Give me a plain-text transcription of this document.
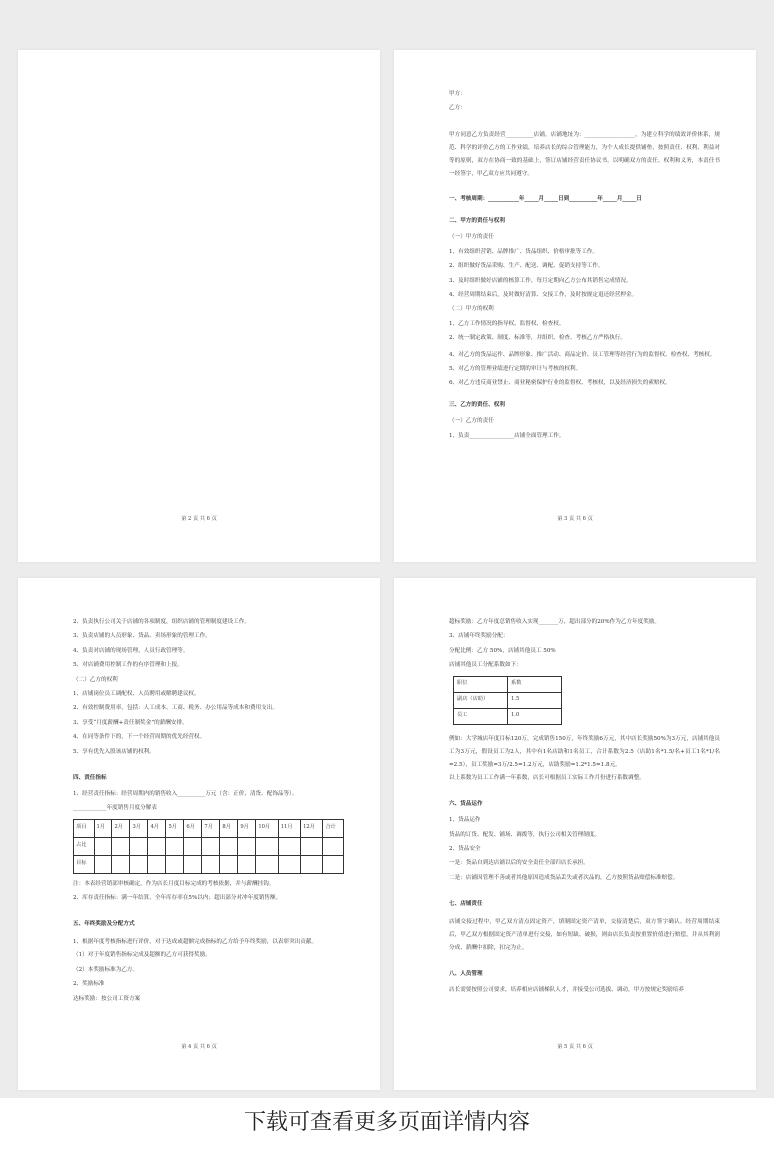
第 2 页 共 6 页
甲方：
乙方：
甲方同意乙方负责经营__________店铺，店铺地址为：__________________，为建立科学的绩效评价体系，规范、科学的评价乙方的工作业绩，培养店长的综合管理能力，为个人成长提供铺垫，按照责任、权利、利益对等的原则，双方在协商一致的基础上，签订店铺经营责任协议书，以明确双方的责任、权利和义务，本责任书一经签字，甲乙双方应共同遵守。
一、考核周期：___________年_____月_____日到__________年_____月_____日
二、甲方的责任与权利
（一）甲方的责任
1、有效组织营销、品牌推广、货品组织、价格审批等工作。
2、组织做好货品采购、生产、配送、调配、促销支持等工作。
3、及时组织做好店铺的核算工作，每月定期向乙方公布其销售完成情况。
4、经营周期结束后，及时做好清算、交接工作，及时按规定退还经营押金。
（二）甲方的权利
1、乙方工作情况的指导权、监督权、检查权。
2、统一制定政策、制度、标准等，并组织、检查、考核乙方严格执行。
4、对乙方的货品运作、品牌形象、推广活动、商品定价、员工管理等经营行为的监督权、检查权、考核权。
5、对乙方的管理业绩进行定期的审计与考核的权利。
6、对乙方违反商业禁止、商业秘密保护行业的监督权、考核权，以及经济损失的索赔权。
三、乙方的责任、权利
（一）乙方的责任
1、负责________________店铺全面管理工作。
第 3 页 共 6 页
2、负责执行公司关于店铺的各项制度，组织店铺的管理制度建设工作。
3、负责店铺的人员形象、货品、卖场形象的管理工作。
4、负责对店铺的现场管理，人员行政管理等。
5、对店铺费用控制工作的有序管理和上报。
（二）乙方的权利
1、店铺岗位员工调配权、人员聘用或解聘建议权。
2、有效控制费用率，包括：人工成本、工商、税务、办公用品等成本和费用支出。
3、享受“月度薪酬+责任制奖金”的薪酬安排。
4、在同等条件下的，下一个经营周期的优先经营权。
5、享有优先入股该店铺的权利。
四、责任指标
1、经营责任指标：经营周期内的销售收入__________万元（含：正价、清货、配饰品等）。
____________年度销售月度分解表
项目	1月	2月	3月	4月	5月	6月	7月	8月	9月	10月	11月	12月	合计
占比													
目标													
注：本表经营销部审核确定，作为店长月度目标完成的考核依据，并与薪酬挂钩。
2、库存责任指标：满一年结算，全年库存率在5%以内；超出部分对冲年度销售额。
五、年终奖励及分配方式
1、根据年度考核指标进行评价，对于达成或超额完成指标的乙方给予年终奖励，以表彰突出贡献。
（1）对于年度销售指标完成及超额的乙方可获得奖励。
（2）本奖励标准为乙方。
2、奖励标准
达标奖励：按公司工资方案
第 4 页 共 6 页
超标奖励：乙方年度总销售收入实现_______万，超出部分的20%作为乙方年度奖励。
3、店铺年终奖励分配：
分配比例：乙方 50%，店铺其他员工 50%
店铺其他员工分配系数如下：
职位	系数
副店（店助）	1.5
员工	1.0
例如：大学城店年度目标120万，完成销售150万，年终奖励6万元，其中店长奖励50%为3万元，店铺其他员工为3万元，假设员工为2人，其中有1名店助和1名员工，合计系数为2.5（店助1名*1.5/名+员工1名*1/名=2.5），员工奖励=3万/2.5=1.2万元，店助奖励=1.2*1.5=1.8元。
以上系数为员工工作满一年系数，店长可根据员工实际工作月份进行系数调整。
六、货品运作
1、货品运作
货品的订货、配发、铺场、调拨等，执行公司相关管理制度。
2、货品安全
一是：货品自到达店铺以后的安全责任全部归店长承担。
二是：店铺因管理不善或者其他原因造成货品丢失或者次品的，乙方按照货品赔偿标准赔偿。
七、店铺责任
店铺交接过程中，甲乙双方清点固定资产，填制固定资产清单，交接清楚后，双方签字确认。经营周期结束后，甲乙双方根据固定资产清单进行交接，如有短缺、破损，则由店长负责按重置价值进行赔偿，并从其利润分成、薪酬中扣除，扣完为止。
八、人员管理
店长需要按照公司要求，培养相应店铺梯队人才，并接受公司选拔、调动，甲方按规定奖励培养
第 5 页 共 6 页
下载可查看更多页面详情内容
